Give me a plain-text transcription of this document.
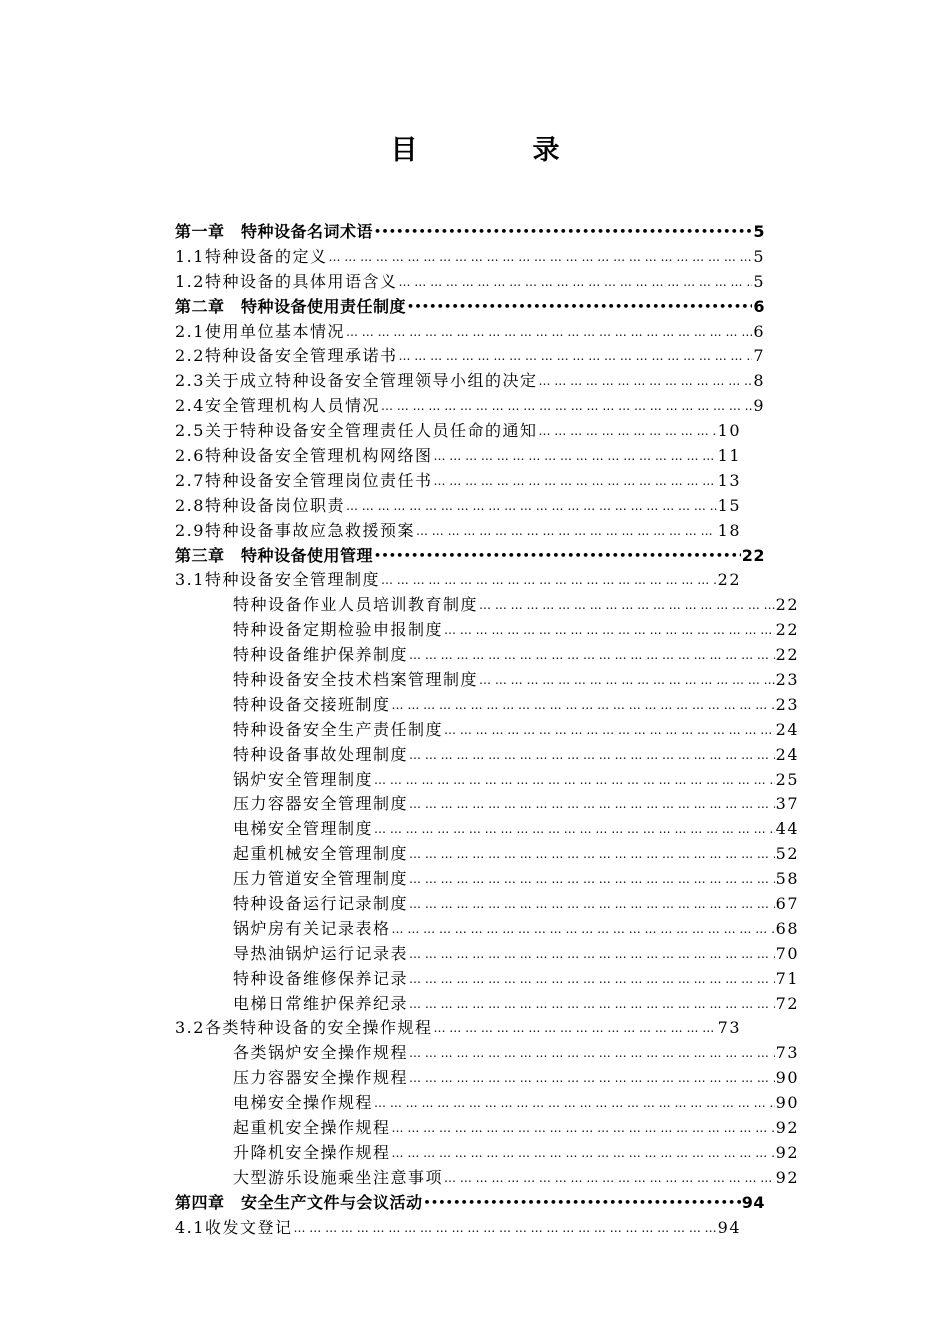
目　录
第一章　特种设备名词术语 •••••	5
1.1特种设备的定义 … … … … … … … … … … … … … … … … … … … … … … … … … … … … … … … … … … … … … … … … … … … … … … … … … … … … … … … … … … … … … … …	5
1.2特种设备的具体用语含义 … … … … … … … … … … … … … … … … … … … … … … … … … … … … … … … … … … … … … … … … … … … … … … … … … … … … … … … … … … … … … … …	5
第二章　特种设备使用责任制度 •••••	6
2.1使用单位基本情况 … … … … … … … … … … … … … … … … … … … … … … … … … … … … … … … … … … … … … … … … … … … … … … … … … … … … … … … … … … … … … … …	6
2.2特种设备安全管理承诺书 … … … … … … … … … … … … … … … … … … … … … … … … … … … … … … … … … … … … … … … … … … … … … … … … … … … … … … … … … … … … … … …	7
2.3关于成立特种设备安全管理领导小组的决定 … … … … … … … … … … … … … … … … … … … … … … … … … … … … … … … … … … … … … … … … … … … … … … … … … … … … … … … … … … … … … … …	8
2.4安全管理机构人员情况 … … … … … … … … … … … … … … … … … … … … … … … … … … … … … … … … … … … … … … … … … … … … … … … … … … … … … … … … … … … … … … …	9
2.5关于特种设备安全管理责任人员任命的通知 … … … … … … … … … … … … … … … … … … … … … … … … … … … … … … … … … … … … … … … … … … … … … … … … … … … … … … … … … … … … … … …	10
2.6特种设备安全管理机构网络图 … … … … … … … … … … … … … … … … … … … … … … … … … … … … … … … … … … … … … … … … … … … … … … … … … … … … … … … … … … … … … … …	11
2.7特种设备安全管理岗位责任书 … … … … … … … … … … … … … … … … … … … … … … … … … … … … … … … … … … … … … … … … … … … … … … … … … … … … … … … … … … … … … … …	13
2.8特种设备岗位职责 … … … … … … … … … … … … … … … … … … … … … … … … … … … … … … … … … … … … … … … … … … … … … … … … … … … … … … … … … … … … … … …	15
2.9特种设备事故应急救援预案 … … … … … … … … … … … … … … … … … … … … … … … … … … … … … … … … … … … … … … … … … … … … … … … … … … … … … … … … … … … … … … …	18
第三章　特种设备使用管理 •••••	22
3.1特种设备安全管理制度 … … … … … … … … … … … … … … … … … … … … … … … … … … … … … … … … … … … … … … … … … … … … … … … … … … … … … … … … … … … … … … …	22
特种设备作业人员培训教育制度 … … … … … … … … … … … … … … … … … … … … … … … … … … … … … … … … … … … … … … … … … … … … … … … … … … … … … … … … … … … … … … …	22
特种设备定期检验申报制度 … … … … … … … … … … … … … … … … … … … … … … … … … … … … … … … … … … … … … … … … … … … … … … … … … … … … … … … … … … … … … … …	22
特种设备维护保养制度 … … … … … … … … … … … … … … … … … … … … … … … … … … … … … … … … … … … … … … … … … … … … … … … … … … … … … … … … … … … … … … …	22
特种设备安全技术档案管理制度 … … … … … … … … … … … … … … … … … … … … … … … … … … … … … … … … … … … … … … … … … … … … … … … … … … … … … … … … … … … … … … …	23
特种设备交接班制度 … … … … … … … … … … … … … … … … … … … … … … … … … … … … … … … … … … … … … … … … … … … … … … … … … … … … … … … … … … … … … … …	23
特种设备安全生产责任制度 … … … … … … … … … … … … … … … … … … … … … … … … … … … … … … … … … … … … … … … … … … … … … … … … … … … … … … … … … … … … … … …	24
特种设备事故处理制度 … … … … … … … … … … … … … … … … … … … … … … … … … … … … … … … … … … … … … … … … … … … … … … … … … … … … … … … … … … … … … … …	24
锅炉安全管理制度 … … … … … … … … … … … … … … … … … … … … … … … … … … … … … … … … … … … … … … … … … … … … … … … … … … … … … … … … … … … … … … …	25
压力容器安全管理制度 … … … … … … … … … … … … … … … … … … … … … … … … … … … … … … … … … … … … … … … … … … … … … … … … … … … … … … … … … … … … … … …	37
电梯安全管理制度 … … … … … … … … … … … … … … … … … … … … … … … … … … … … … … … … … … … … … … … … … … … … … … … … … … … … … … … … … … … … … … …	44
起重机械安全管理制度 … … … … … … … … … … … … … … … … … … … … … … … … … … … … … … … … … … … … … … … … … … … … … … … … … … … … … … … … … … … … … … …	52
压力管道安全管理制度 … … … … … … … … … … … … … … … … … … … … … … … … … … … … … … … … … … … … … … … … … … … … … … … … … … … … … … … … … … … … … … …	58
特种设备运行记录制度 … … … … … … … … … … … … … … … … … … … … … … … … … … … … … … … … … … … … … … … … … … … … … … … … … … … … … … … … … … … … … … …	67
锅炉房有关记录表格 … … … … … … … … … … … … … … … … … … … … … … … … … … … … … … … … … … … … … … … … … … … … … … … … … … … … … … … … … … … … … … …	68
导热油锅炉运行记录表 … … … … … … … … … … … … … … … … … … … … … … … … … … … … … … … … … … … … … … … … … … … … … … … … … … … … … … … … … … … … … … …	70
特种设备维修保养记录 … … … … … … … … … … … … … … … … … … … … … … … … … … … … … … … … … … … … … … … … … … … … … … … … … … … … … … … … … … … … … … …	71
电梯日常维护保养纪录 … … … … … … … … … … … … … … … … … … … … … … … … … … … … … … … … … … … … … … … … … … … … … … … … … … … … … … … … … … … … … … …	72
3.2各类特种设备的安全操作规程 … … … … … … … … … … … … … … … … … … … … … … … … … … … … … … … … … … … … … … … … … … … … … … … … … … … … … … … … … … … … … … …	73
各类锅炉安全操作规程 … … … … … … … … … … … … … … … … … … … … … … … … … … … … … … … … … … … … … … … … … … … … … … … … … … … … … … … … … … … … … … …	73
压力容器安全操作规程 … … … … … … … … … … … … … … … … … … … … … … … … … … … … … … … … … … … … … … … … … … … … … … … … … … … … … … … … … … … … … … …	90
电梯安全操作规程 … … … … … … … … … … … … … … … … … … … … … … … … … … … … … … … … … … … … … … … … … … … … … … … … … … … … … … … … … … … … … … …	90
起重机安全操作规程 … … … … … … … … … … … … … … … … … … … … … … … … … … … … … … … … … … … … … … … … … … … … … … … … … … … … … … … … … … … … … … …	92
升降机安全操作规程 … … … … … … … … … … … … … … … … … … … … … … … … … … … … … … … … … … … … … … … … … … … … … … … … … … … … … … … … … … … … … … …	92
大型游乐设施乘坐注意事项 … … … … … … … … … … … … … … … … … … … … … … … … … … … … … … … … … … … … … … … … … … … … … … … … … … … … … … … … … … … … … … …	92
第四章　安全生产文件与会议活动 •••••	94
4.1收发文登记 … … … … … … … … … … … … … … … … … … … … … … … … … … … … … … … … … … … … … … … … … … … … … … … … … … … … … … … … … … … … … … …	94
